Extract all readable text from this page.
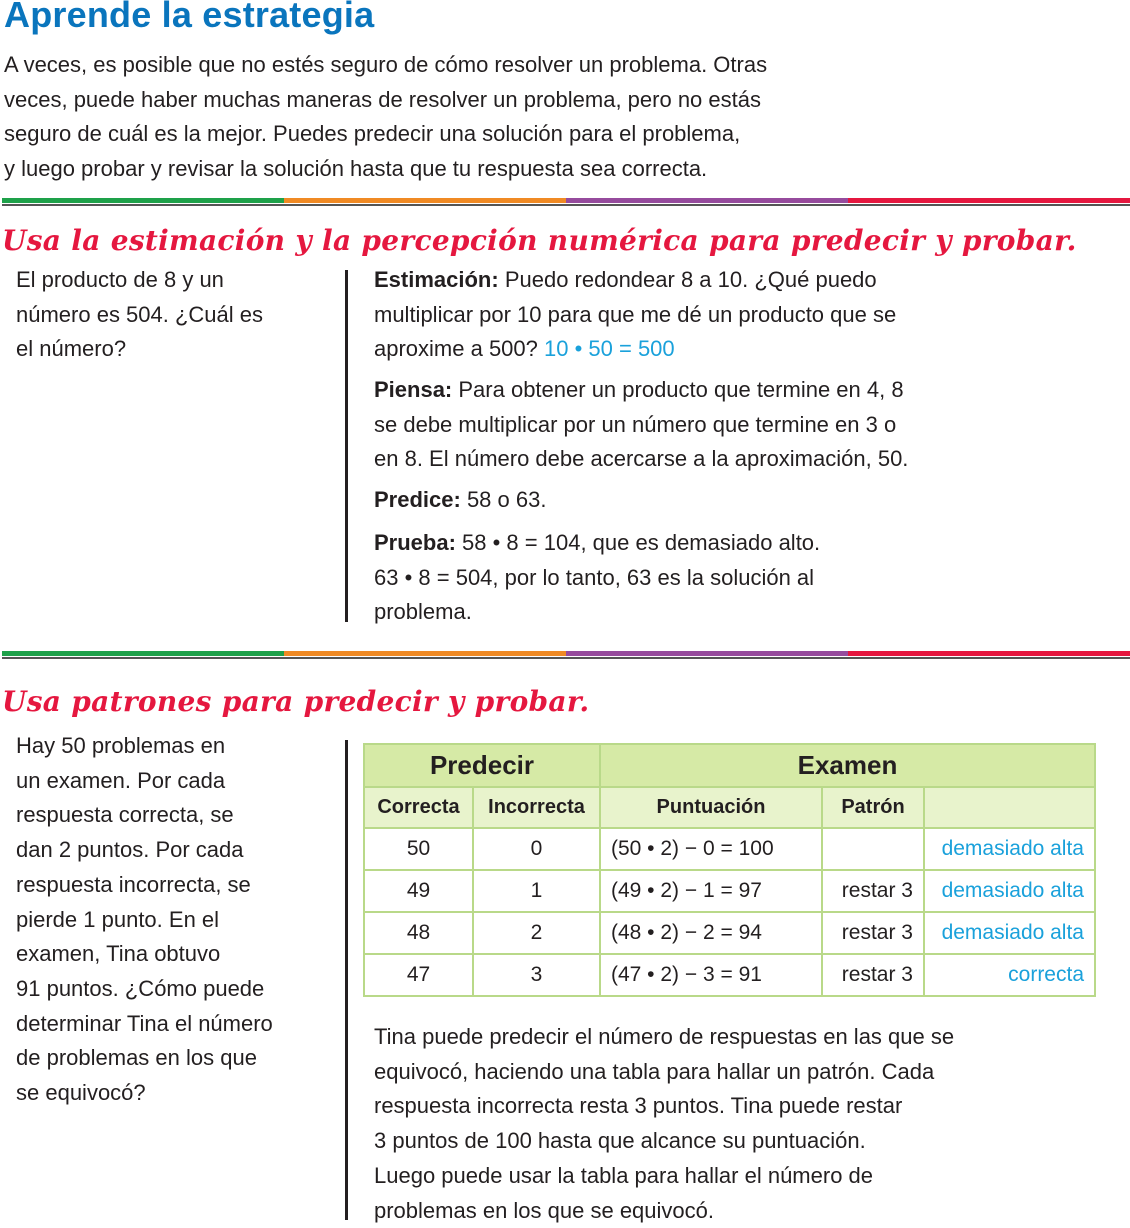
Aprende la estrategia
A veces, es posible que no estés seguro de cómo resolver un problema. Otras
veces, puede haber muchas maneras de resolver un problema, pero no estás
seguro de cuál es la mejor. Puedes predecir una solución para el problema,
y luego probar y revisar la solución hasta que tu respuesta sea correcta.
Usa la estimación y la percepción numérica para predecir y probar.
El producto de 8 y un
número es 504. ¿Cuál es
el número?
Estimación: Puedo redondear 8 a 10. ¿Qué puedo
multiplicar por 10 para que me dé un producto que se
aproxime a 500? 10 • 50 = 500
Piensa: Para obtener un producto que termine en 4, 8
se debe multiplicar por un número que termine en 3 o
en 8. El número debe acercarse a la aproximación, 50.
Predice: 58 o 63.
Prueba: 58 • 8 = 104, que es demasiado alto.
63 • 8 = 504, por lo tanto, 63 es la solución al
problema.
Usa patrones para predecir y probar.
Hay 50 problemas en
un examen. Por cada
respuesta correcta, se
dan 2 puntos. Por cada
respuesta incorrecta, se
pierde 1 punto. En el
examen, Tina obtuvo
91 puntos. ¿Cómo puede
determinar Tina el número
de problemas en los que
se equivocó?
Predecir		Examen		
Correcta	Incorrecta	Puntuación	Patrón	
50	0	(50 • 2) − 0 = 100		demasiado alta
49	1	(49 • 2) − 1 = 97	restar 3	demasiado alta
48	2	(48 • 2) − 2 = 94	restar 3	demasiado alta
47	3	(47 • 2) − 3 = 91	restar 3	correcta
Tina puede predecir el número de respuestas en las que se
equivocó, haciendo una tabla para hallar un patrón. Cada
respuesta incorrecta resta 3 puntos. Tina puede restar
3 puntos de 100 hasta que alcance su puntuación.
Luego puede usar la tabla para hallar el número de
problemas en los que se equivocó.
